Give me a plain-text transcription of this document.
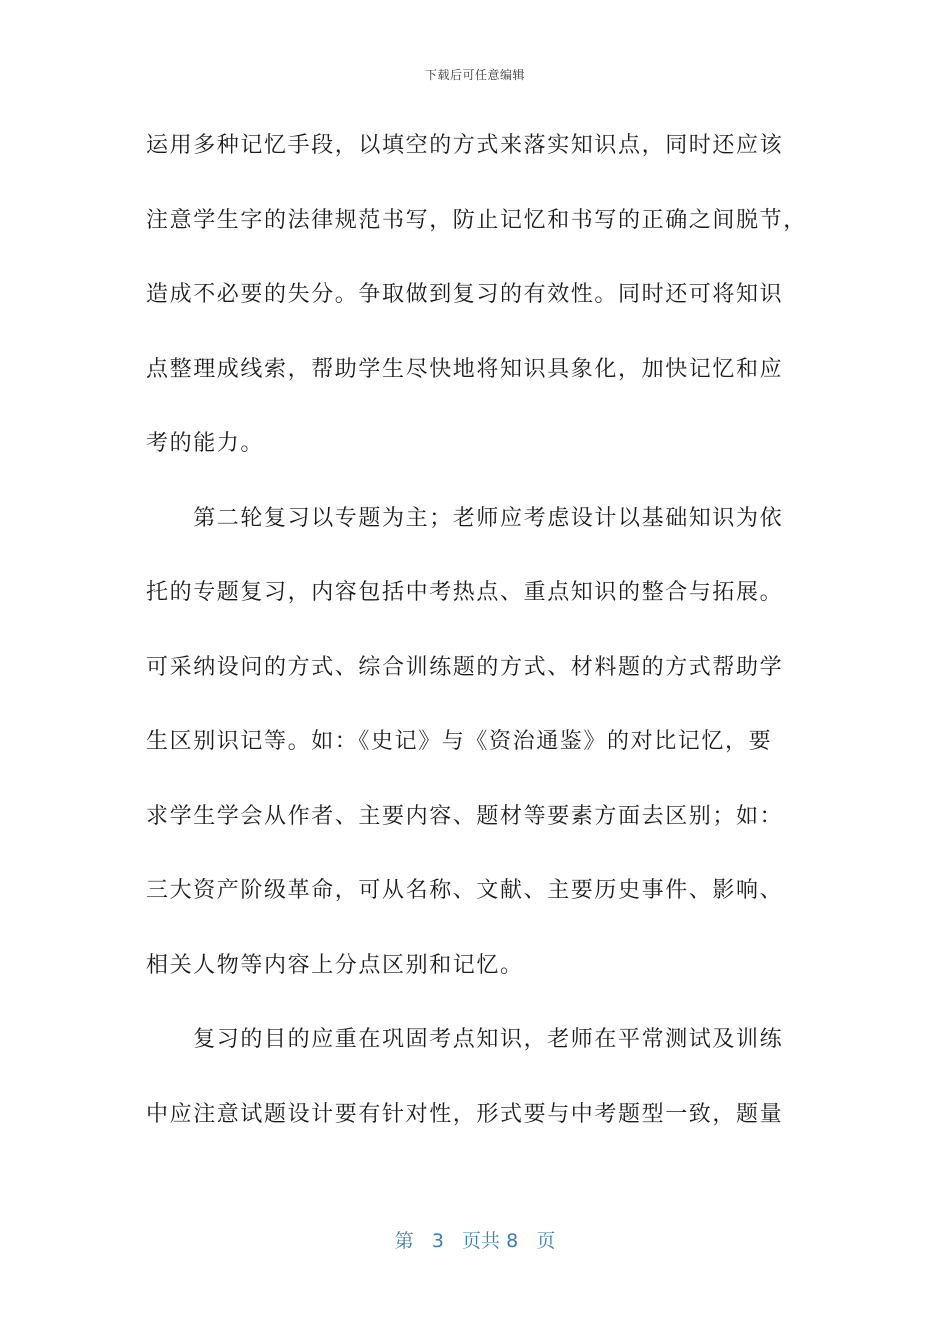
下载后可任意编辑
运用多种记忆手段，以填空的方式来落实知识点，同时还应该
注意学生字的法律规范书写，防止记忆和书写的正确之间脱节，
造成不必要的失分。争取做到复习的有效性。同时还可将知识
点整理成线索，帮助学生尽快地将知识具象化，加快记忆和应
考的能力。
　　第二轮复习以专题为主；老师应考虑设计以基础知识为依
托的专题复习，内容包括中考热点、重点知识的整合与拓展。
可采纳设问的方式、综合训练题的方式、材料题的方式帮助学
生区别识记等。如：《史记》与《资治通鉴》的对比记忆，要
求学生学会从作者、主要内容、题材等要素方面去区别；如：
三大资产阶级革命，可从名称、文献、主要历史事件、影响、
相关人物等内容上分点区别和记忆。
　　复习的目的应重在巩固考点知识，老师在平常测试及训练
中应注意试题设计要有针对性，形式要与中考题型一致，题量
第 3 页共 8 页
